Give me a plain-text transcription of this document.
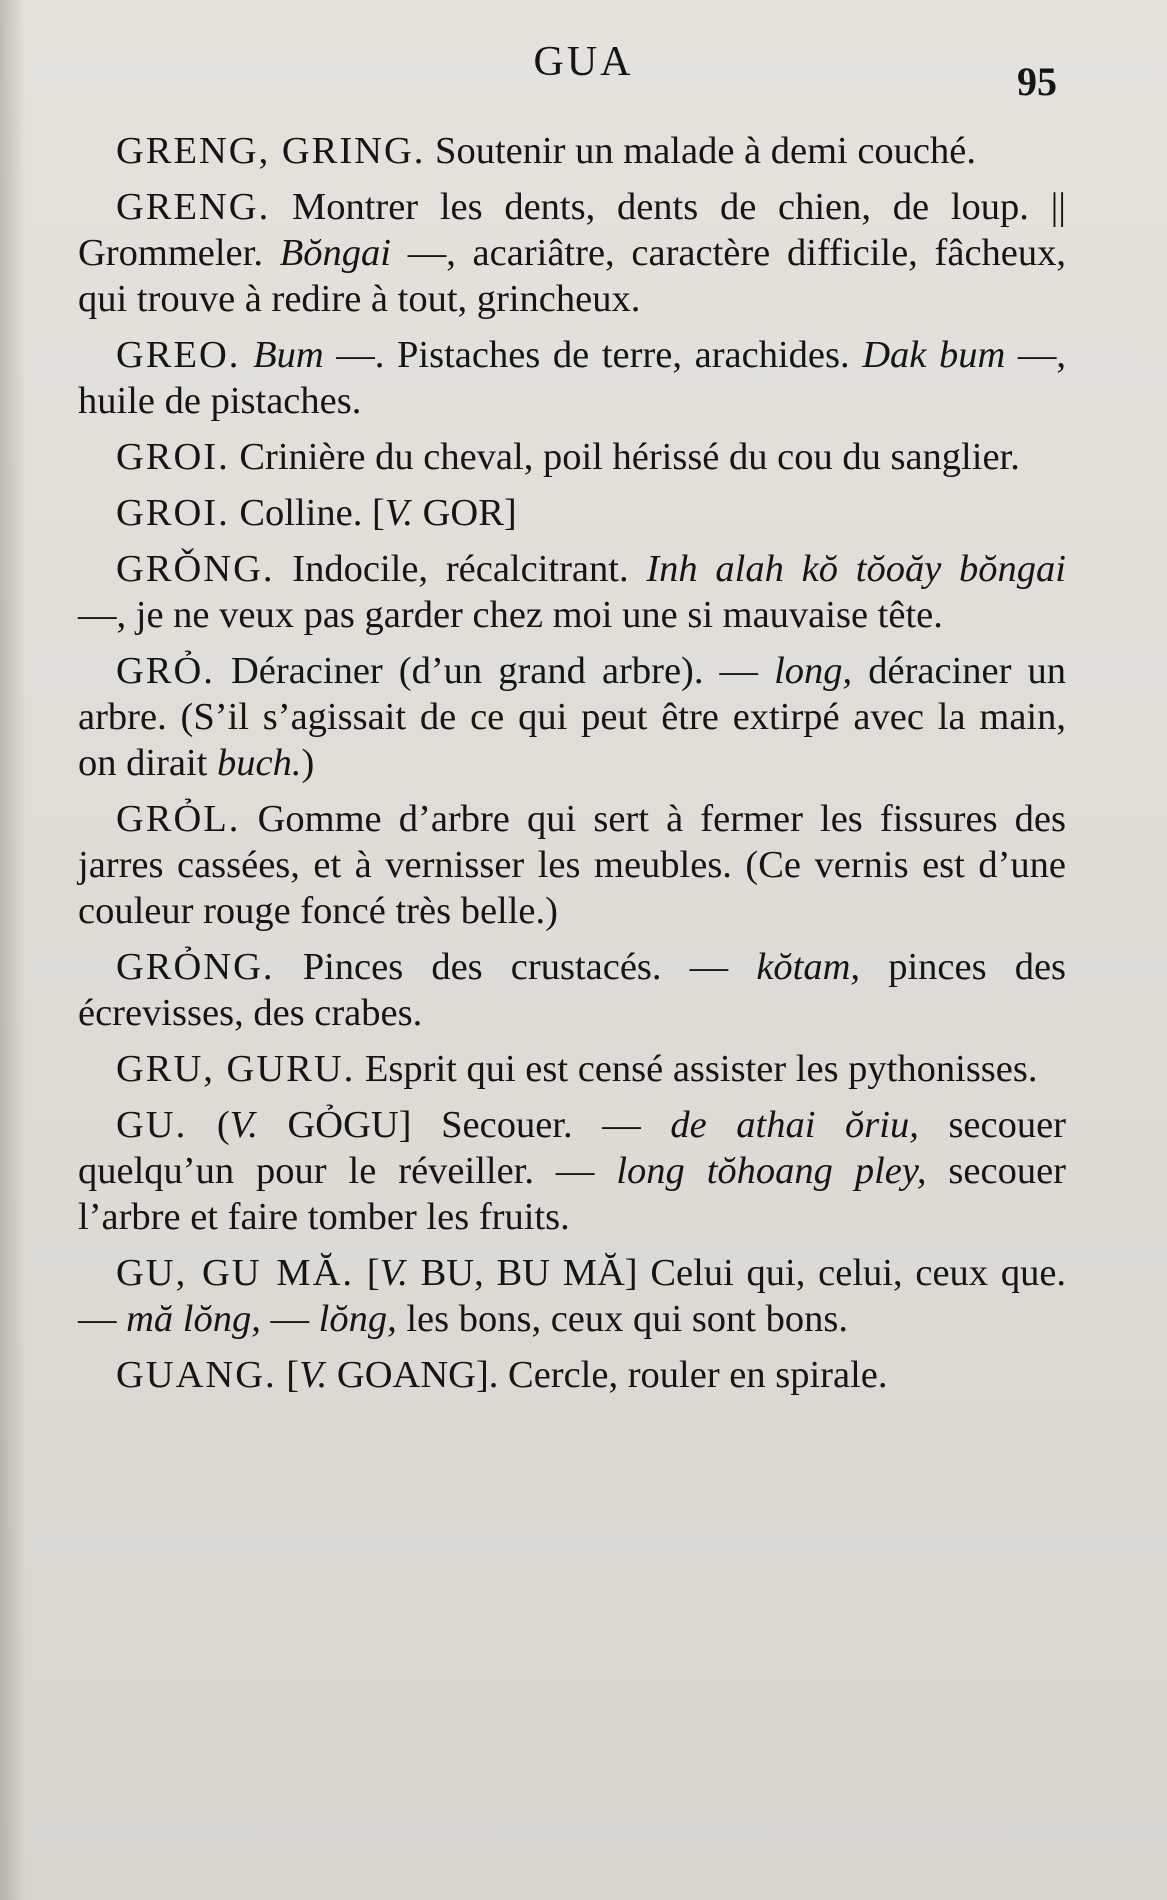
GUA	95

GRENG, GRING. Soutenir un malade à demi couché.

GRENG. Montrer les dents, dents de chien, de loup. || Grommeler. Bŏngai —, acariâtre, caractère difficile, fâcheux, qui trouve à redire à tout, grincheux.

GREO. Bum —. Pistaches de terre, arachides. Dak bum —, huile de pistaches.

GROI. Crinière du cheval, poil hérissé du cou du sanglier.

GROI. Colline. [V. GOR]

GRǑNG. Indocile, récalcitrant. Inh alah kŏ tŏoăy bŏngai —, je ne veux pas garder chez moi une si mauvaise tête.

GRỎ. Déraciner (d’un grand arbre). — long, déraciner un arbre. (S’il s’agissait de ce qui peut être extirpé avec la main, on dirait buch.)

GRỎL. Gomme d’arbre qui sert à fermer les fissures des jarres cassées, et à vernisser les meubles. (Ce vernis est d’une couleur rouge foncé très belle.)

GRỎNG. Pinces des crustacés. — kŏtam, pinces des écrevisses, des crabes.

GRU, GURU. Esprit qui est censé assister les pythonisses.

GU. (V. GỎGU] Secouer. — de athai ŏriu, secouer quelqu’un pour le réveiller. — long tŏhoang pley, secouer l’arbre et faire tomber les fruits.

GU, GU MĂ. [V. BU, BU MĂ] Celui qui, celui, ceux que. — mă lŏng, — lŏng, les bons, ceux qui sont bons.

GUANG. [V. GOANG]. Cercle, rouler en spirale.
